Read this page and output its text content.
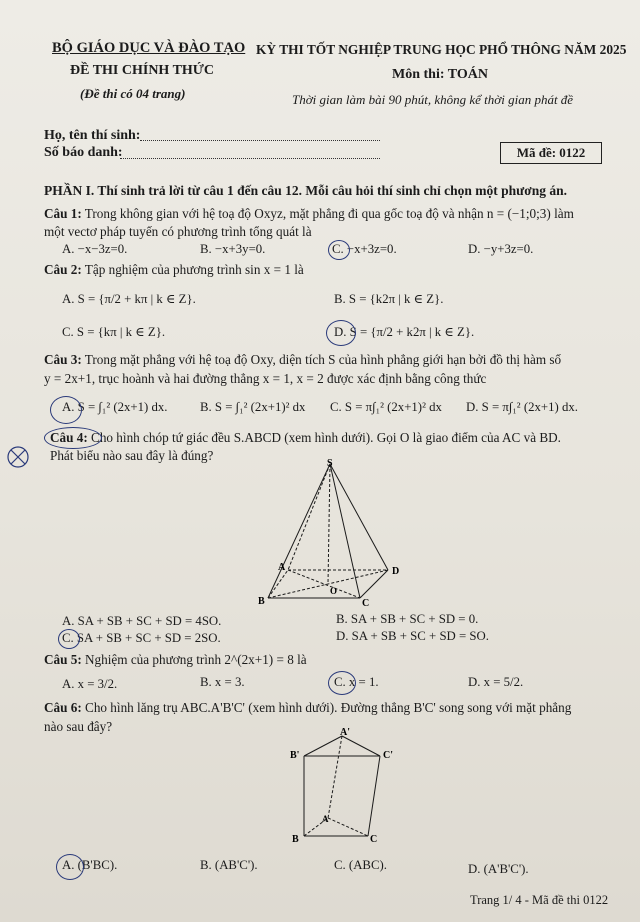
BỘ GIÁO DỤC VÀ ĐÀO TẠO KỲ THI TỐT NGHIỆP TRUNG HỌC PHỔ THÔNG NĂM 2025
ĐỀ THI CHÍNH THỨC	Môn thi: TOÁN
(Đề thi có 04 trang)	Thời gian làm bài 90 phút, không kể thời gian phát đề
Họ, tên thí sinh:
Số báo danh:	Mã đề: 0122
PHẦN I. Thí sinh trả lời từ câu 1 đến câu 12. Mỗi câu hỏi thí sinh chỉ chọn một phương án.
Câu 1: Trong không gian với hệ toạ độ Oxyz, mặt phẳng đi qua gốc toạ độ và nhận n = (−1;0;3) làm
một vectơ pháp tuyến có phương trình tổng quát là
A. −x−3z=0.	B. −x+3y=0.	C. −x+3z=0.	D. −y+3z=0.
Câu 2: Tập nghiệm của phương trình sin x = 1 là
A. S = {π/2 + kπ | k ∈ Z}.	B. S = {k2π | k ∈ Z}.
C. S = {kπ | k ∈ Z}.	D. S = {π/2 + k2π | k ∈ Z}.
Câu 3: Trong mặt phẳng với hệ toạ độ Oxy, diện tích S của hình phẳng giới hạn bởi đồ thị hàm số
y = 2x+1, trục hoành và hai đường thẳng x = 1, x = 2 được xác định bằng công thức
A. S = ∫₁² (2x+1) dx.	B. S = ∫₁² (2x+1)² dx C. S = π∫₁² (2x+1)² dx D. S = π∫₁² (2x+1) dx.
Câu 4: Cho hình chóp tứ giác đều S.ABCD (xem hình dưới). Gọi O là giao điểm của AC và BD.
Phát biểu nào sau đây là đúng?
S
A
B	C
D
O
A. SA + SB + SC + SD = 4SO.	B. SA + SB + SC + SD = 0.
C. SA + SB + SC + SD = 2SO.	D. SA + SB + SC + SD = SO.
Câu 5: Nghiệm của phương trình 2^(2x+1) = 8 là
A. x = 3/2.	B. x = 3.	C. x = 1.	D. x = 5/2.
Câu 6: Cho hình lăng trụ ABC.A'B'C' (xem hình dưới). Đường thẳng B'C' song song với mặt phẳng
nào sau đây?	A'
B'	C'
A
B	C
A. (B'BC).	B. (AB'C').	C. (ABC).	D. (A'B'C').
Trang 1/ 4 - Mã đề thi 0122
